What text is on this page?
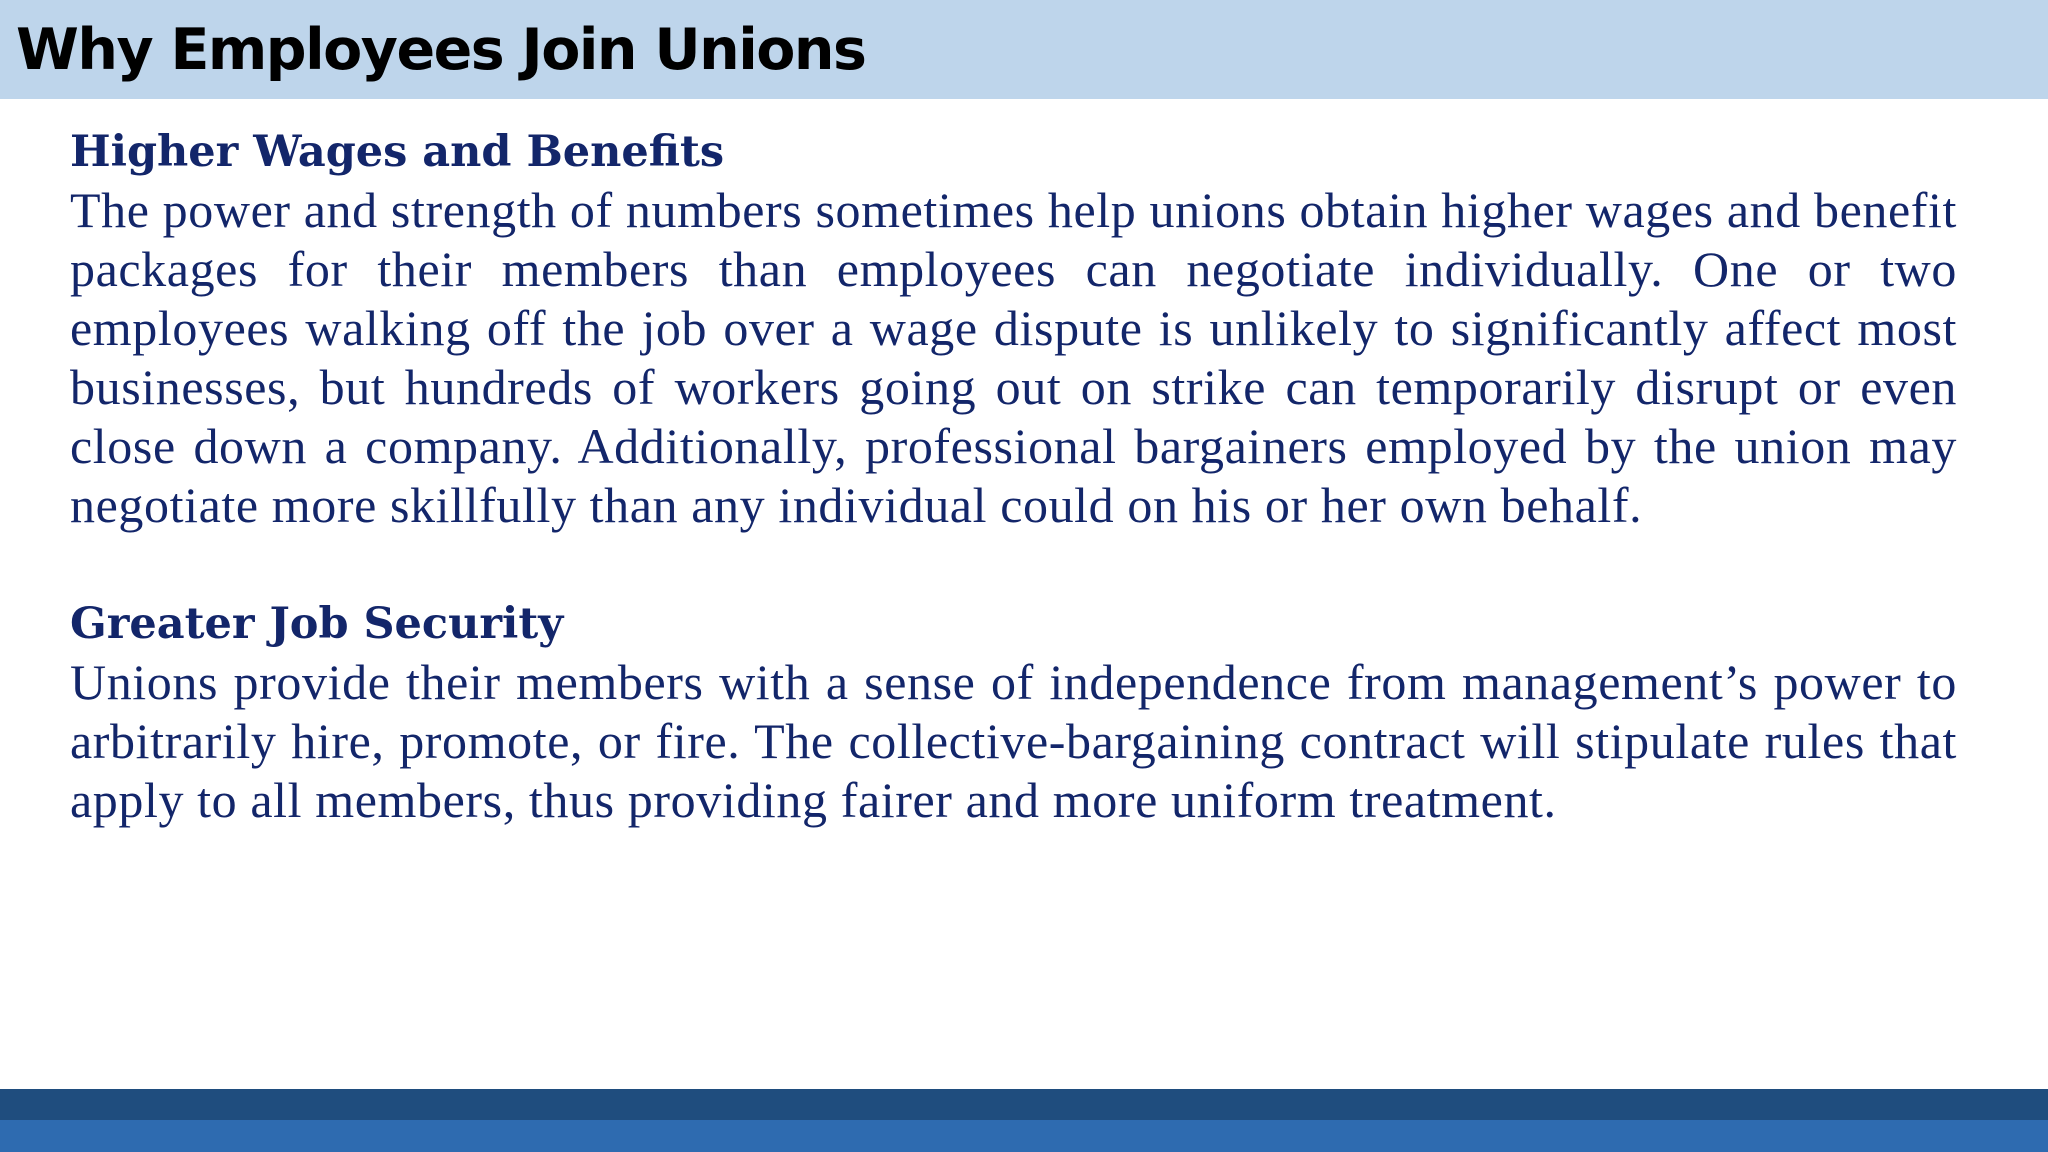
Why Employees Join Unions
Higher Wages and Benefits

The power and strength of numbers sometimes help unions obtain higher wages and benefit packages for their members than employees can negotiate individually. One or two employees walking off the job over a wage dispute is unlikely to significantly affect most businesses, but hundreds of workers going out on strike can temporarily disrupt or even close down a company. Additionally, professional bargainers employed by the union may negotiate more skillfully than any individual could on his or her own behalf.

Greater Job Security

Unions provide their members with a sense of independence from management’s power to arbitrarily hire, promote, or fire. The collective-bargaining contract will stipulate rules that apply to all members, thus providing fairer and more uniform treatment.
